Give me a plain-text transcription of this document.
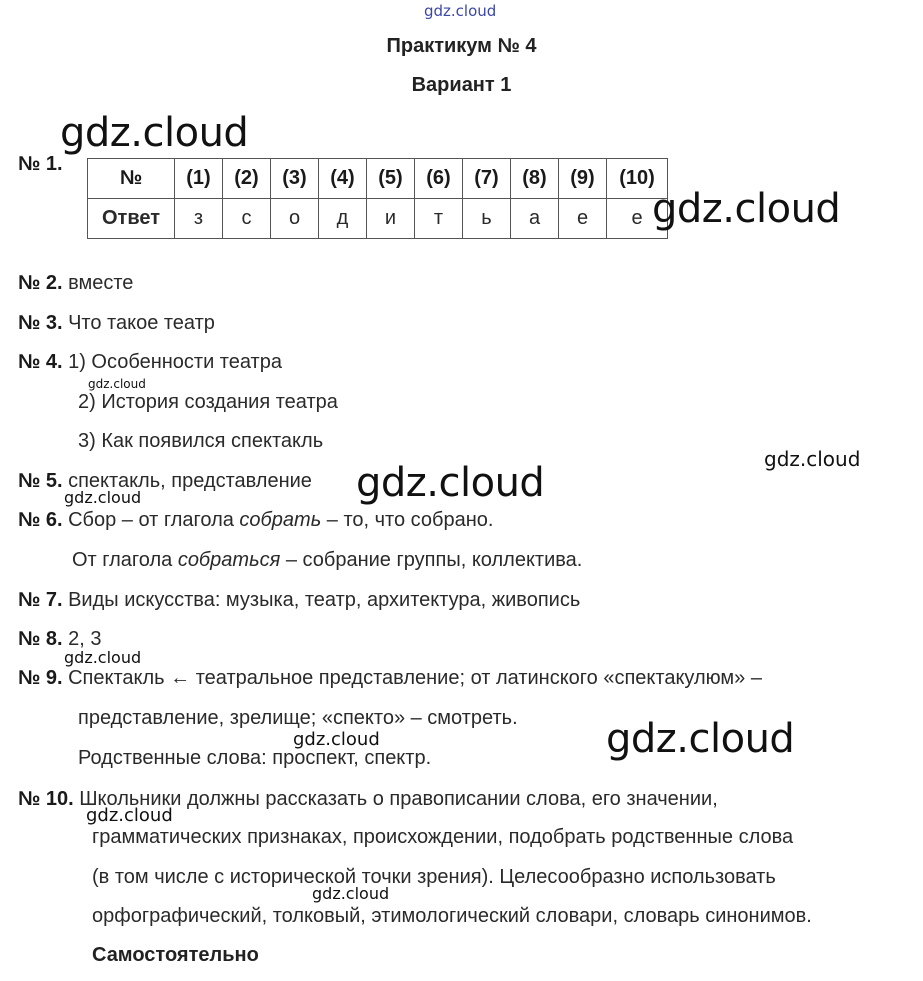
gdz.cloud
Практикум № 4
Вариант 1
gdz.cloud
№ 1.
№	(1)	(2)	(3)	(4)	(5)	(6)	(7)	(8)	(9)	(10)
Ответ	з	с	о	д	и	т	ь	а	е	е gdz.cloud
№ 2. вместе
№ 3. Что такое театр
№ 4. 1) Особенности театра
gdz.cloud
2) История создания театра
3) Как появился спектакль
gdz.cloud
№ 5. спектакль, представление gdz.cloud
gdz.cloud
№ 6. Сбор – от глагола собрать – то, что собрано.
От глагола собраться – собрание группы, коллектива.
№ 7. Виды искусства: музыка, театр, архитектура, живопись
№ 8. 2, 3
gdz.cloud
№ 9. Спектакль ← театральное представление; от латинского «спектакулюм» –
представление, зрелище; «спекто» – смотреть.
gdz.cloud	gdz.cloud
Родственные слова: проспект, спектр.
№ 10. Школьники должны рассказать о правописании слова, его значении,
gdz.cloud
грамматических признаках, происхождении, подобрать родственные слова
(в том числе с исторической точки зрения). Целесообразно использовать
gdz.cloud
орфографический, толковый, этимологический словари, словарь синонимов.
Самостоятельно
